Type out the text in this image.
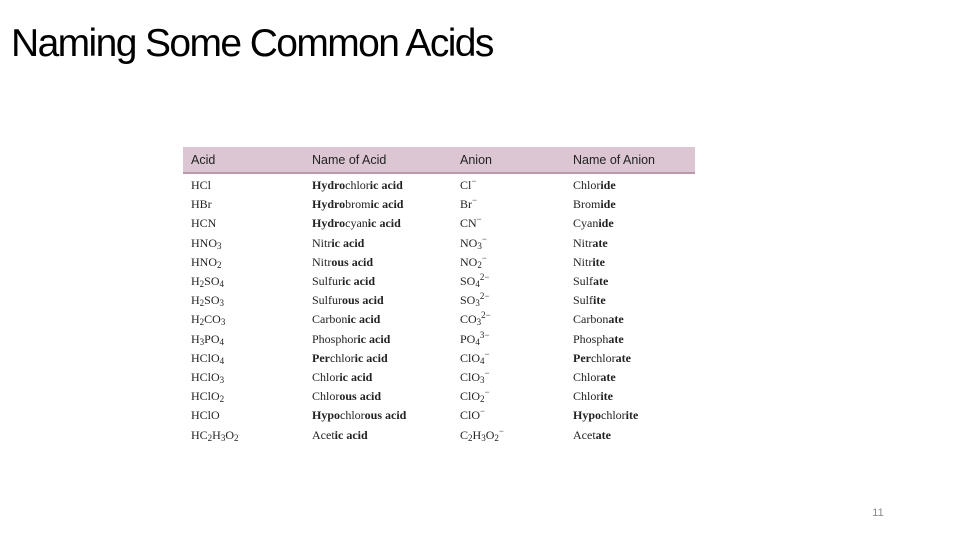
Naming Some Common Acids
Acid	Name of Acid	Anion	Name of Anion
HCl	Hydrochloric acid	Cl−	Chloride
HBr	Hydrobromic acid	Br−	Bromide
HCN	Hydrocyanic acid	CN−	Cyanide
$HNO_3$	Nitric acid	$NO_3^-$	Nitrate
$HNO_2$	Nitrous acid	$NO_2^-$	Nitrite
$H_2SO_4$	Sulfuric acid	$SO_4^{2-}$	Sulfate
$H_2SO_3$	Sulfurous acid	$SO_3^{2-}$	Sulfite
$H_2CO_3$	Carbonic acid	$CO_3^{2-}$	Carbonate
$H_3PO_4$	Phosphoric acid	$PO_4^{3-}$	Phosphate
HClO$_4$	Perchloric acid	ClO$_4$−	Perchlorate
HClO$_3$	Chloric acid	ClO$_3$−	Chlorate
HClO$_2$	Chlorous acid	ClO$_2$−	Chlorite
HClO	Hypochlorous acid	ClO−	Hypochlorite
$HC_2H_3O_2$	Acetic acid	$C_2H_3O_2^-$	Acetate
11
